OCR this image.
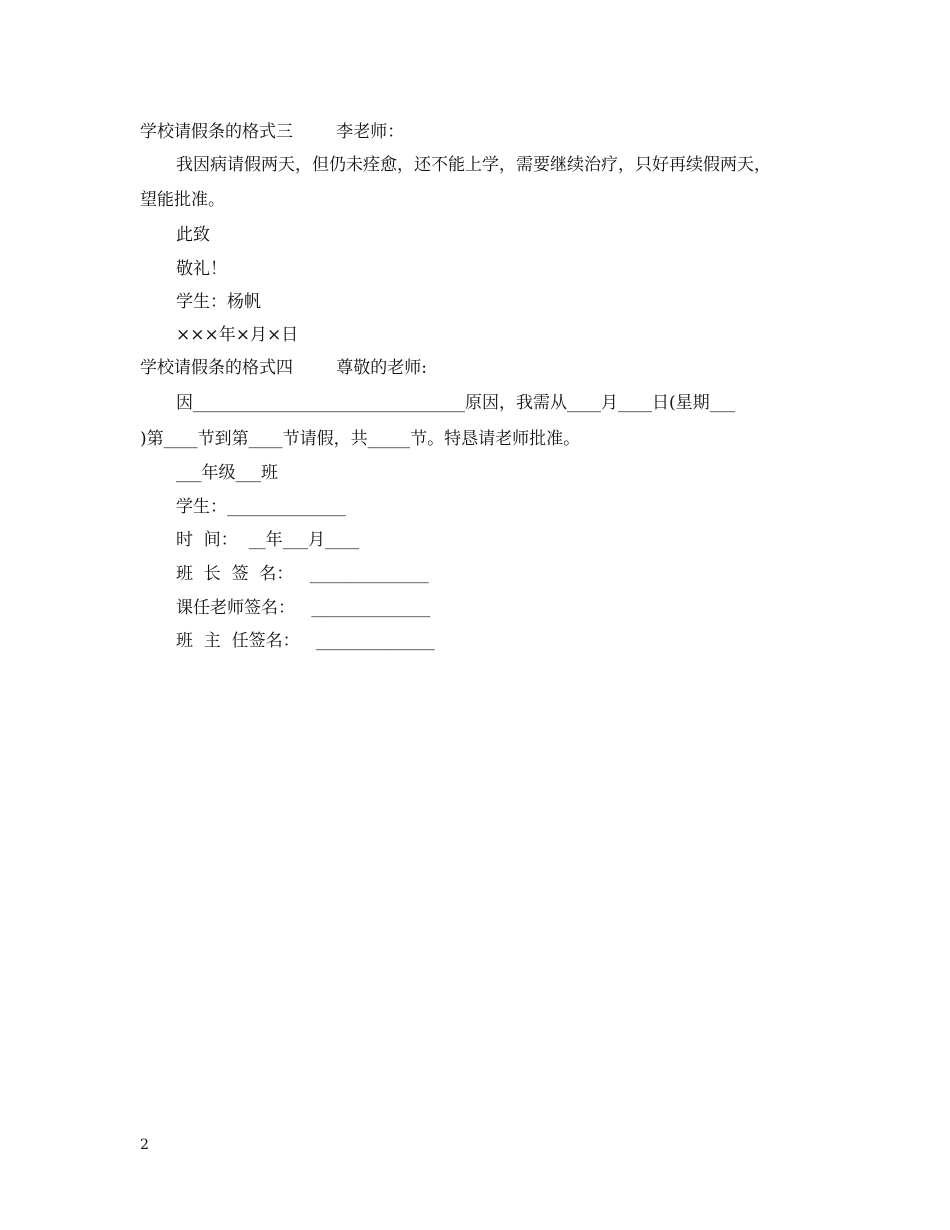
学校请假条的格式三        李老师：
我因病请假两天，但仍未痊愈，还不能上学，需要继续治疗，只好再续假两天，
望能批准。
此致
敬礼！
学生：杨帆
×××年×月×日
学校请假条的格式四        尊敬的老师:
因________________________________原因，我需从____月____日(星期___
)第____节到第____节请假，共_____节。特恳请老师批准。
___年级___班
学生：______________
时  间：  __年___月____
班  长  签  名：   ______________
课任老师签名：   ______________
班  主  任签名：   ______________
2
